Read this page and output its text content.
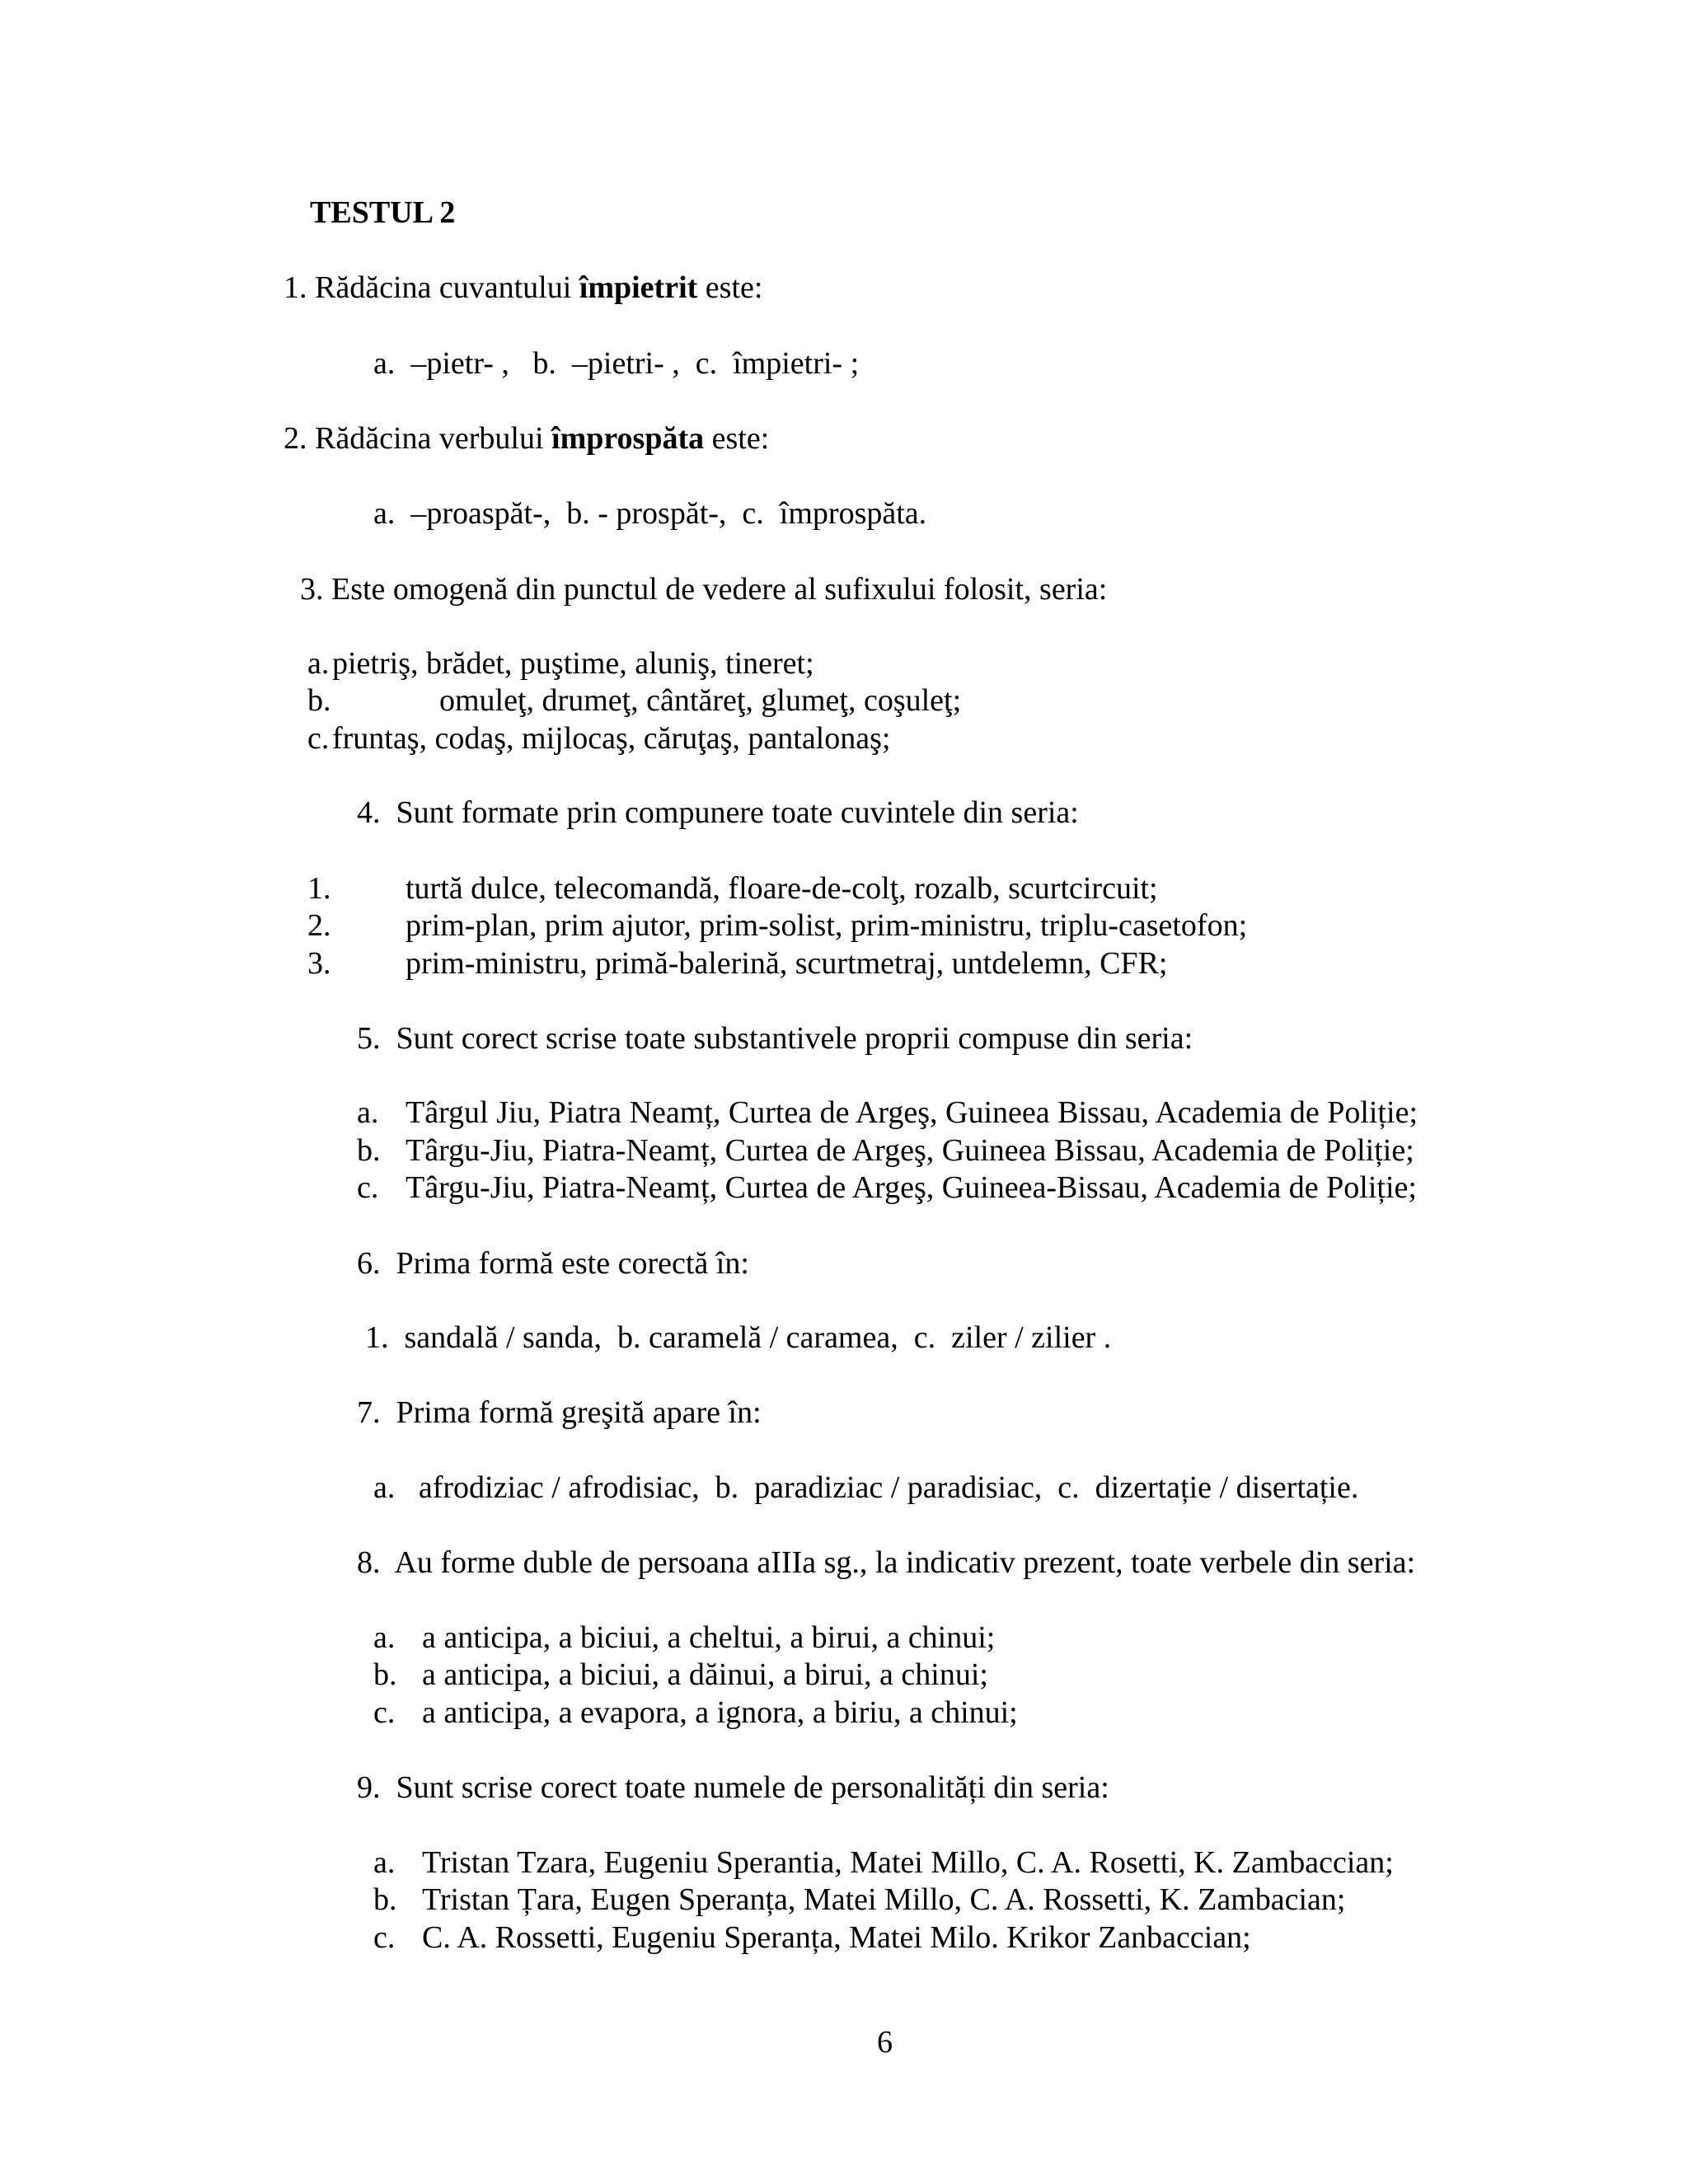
TESTUL 2
1. Rădăcina cuvantului împietrit este:
a.  –pietr- ,   b.  –pietri- ,  c.  împietri- ;
2. Rădăcina verbului împrospăta este:
a.  –proaspăt-,  b. - prospăt-,  c.  împrospăta.
3. Este omogenă din punctul de vedere al sufixului folosit, seria:
a. pietriş, brădet, puştime, aluniş, tineret;
b.	omuleţ, drumeţ, cântăreţ, glumeţ, coşuleţ;
c. fruntaş, codaş, mijlocaş, căruţaş, pantalonaş;
4.  Sunt formate prin compunere toate cuvintele din seria:
1. turtă dulce, telecomandă, floare-de-colţ, rozalb, scurtcircuit;
2. prim-plan, prim ajutor, prim-solist, prim-ministru, triplu-casetofon;
3. prim-ministru, primă-balerină, scurtmetraj, untdelemn, CFR;
5.  Sunt corect scrise toate substantivele proprii compuse din seria:
a. Târgul Jiu, Piatra Neamț, Curtea de Argeş, Guineea Bissau, Academia de Poliție;
b. Târgu-Jiu, Piatra-Neamț, Curtea de Argeş, Guineea Bissau, Academia de Poliție;
c. Târgu-Jiu, Piatra-Neamț, Curtea de Argeş, Guineea-Bissau, Academia de Poliție;
6.  Prima formă este corectă în:
1.  sandală / sanda,  b. caramelă / caramea,  c.  ziler / zilier .
7.  Prima formă greşită apare în:
a.   afrodiziac / afrodisiac,  b.  paradiziac / paradisiac,  c.  dizertație / disertație.
8.  Au forme duble de persoana aIIIa sg., la indicativ prezent, toate verbele din seria:
a. a anticipa, a biciui, a cheltui, a birui, a chinui;
b. a anticipa, a biciui, a dăinui, a birui, a chinui;
c. a anticipa, a evapora, a ignora, a biriu, a chinui;
9.  Sunt scrise corect toate numele de personalități din seria:
a. Tristan Tzara, Eugeniu Sperantia, Matei Millo, C. A. Rosetti, K. Zambaccian;
b. Tristan Țara, Eugen Speranța, Matei Millo, C. A. Rossetti, K. Zambacian;
c. C. A. Rossetti, Eugeniu Speranța, Matei Milo. Krikor Zanbaccian;
6
